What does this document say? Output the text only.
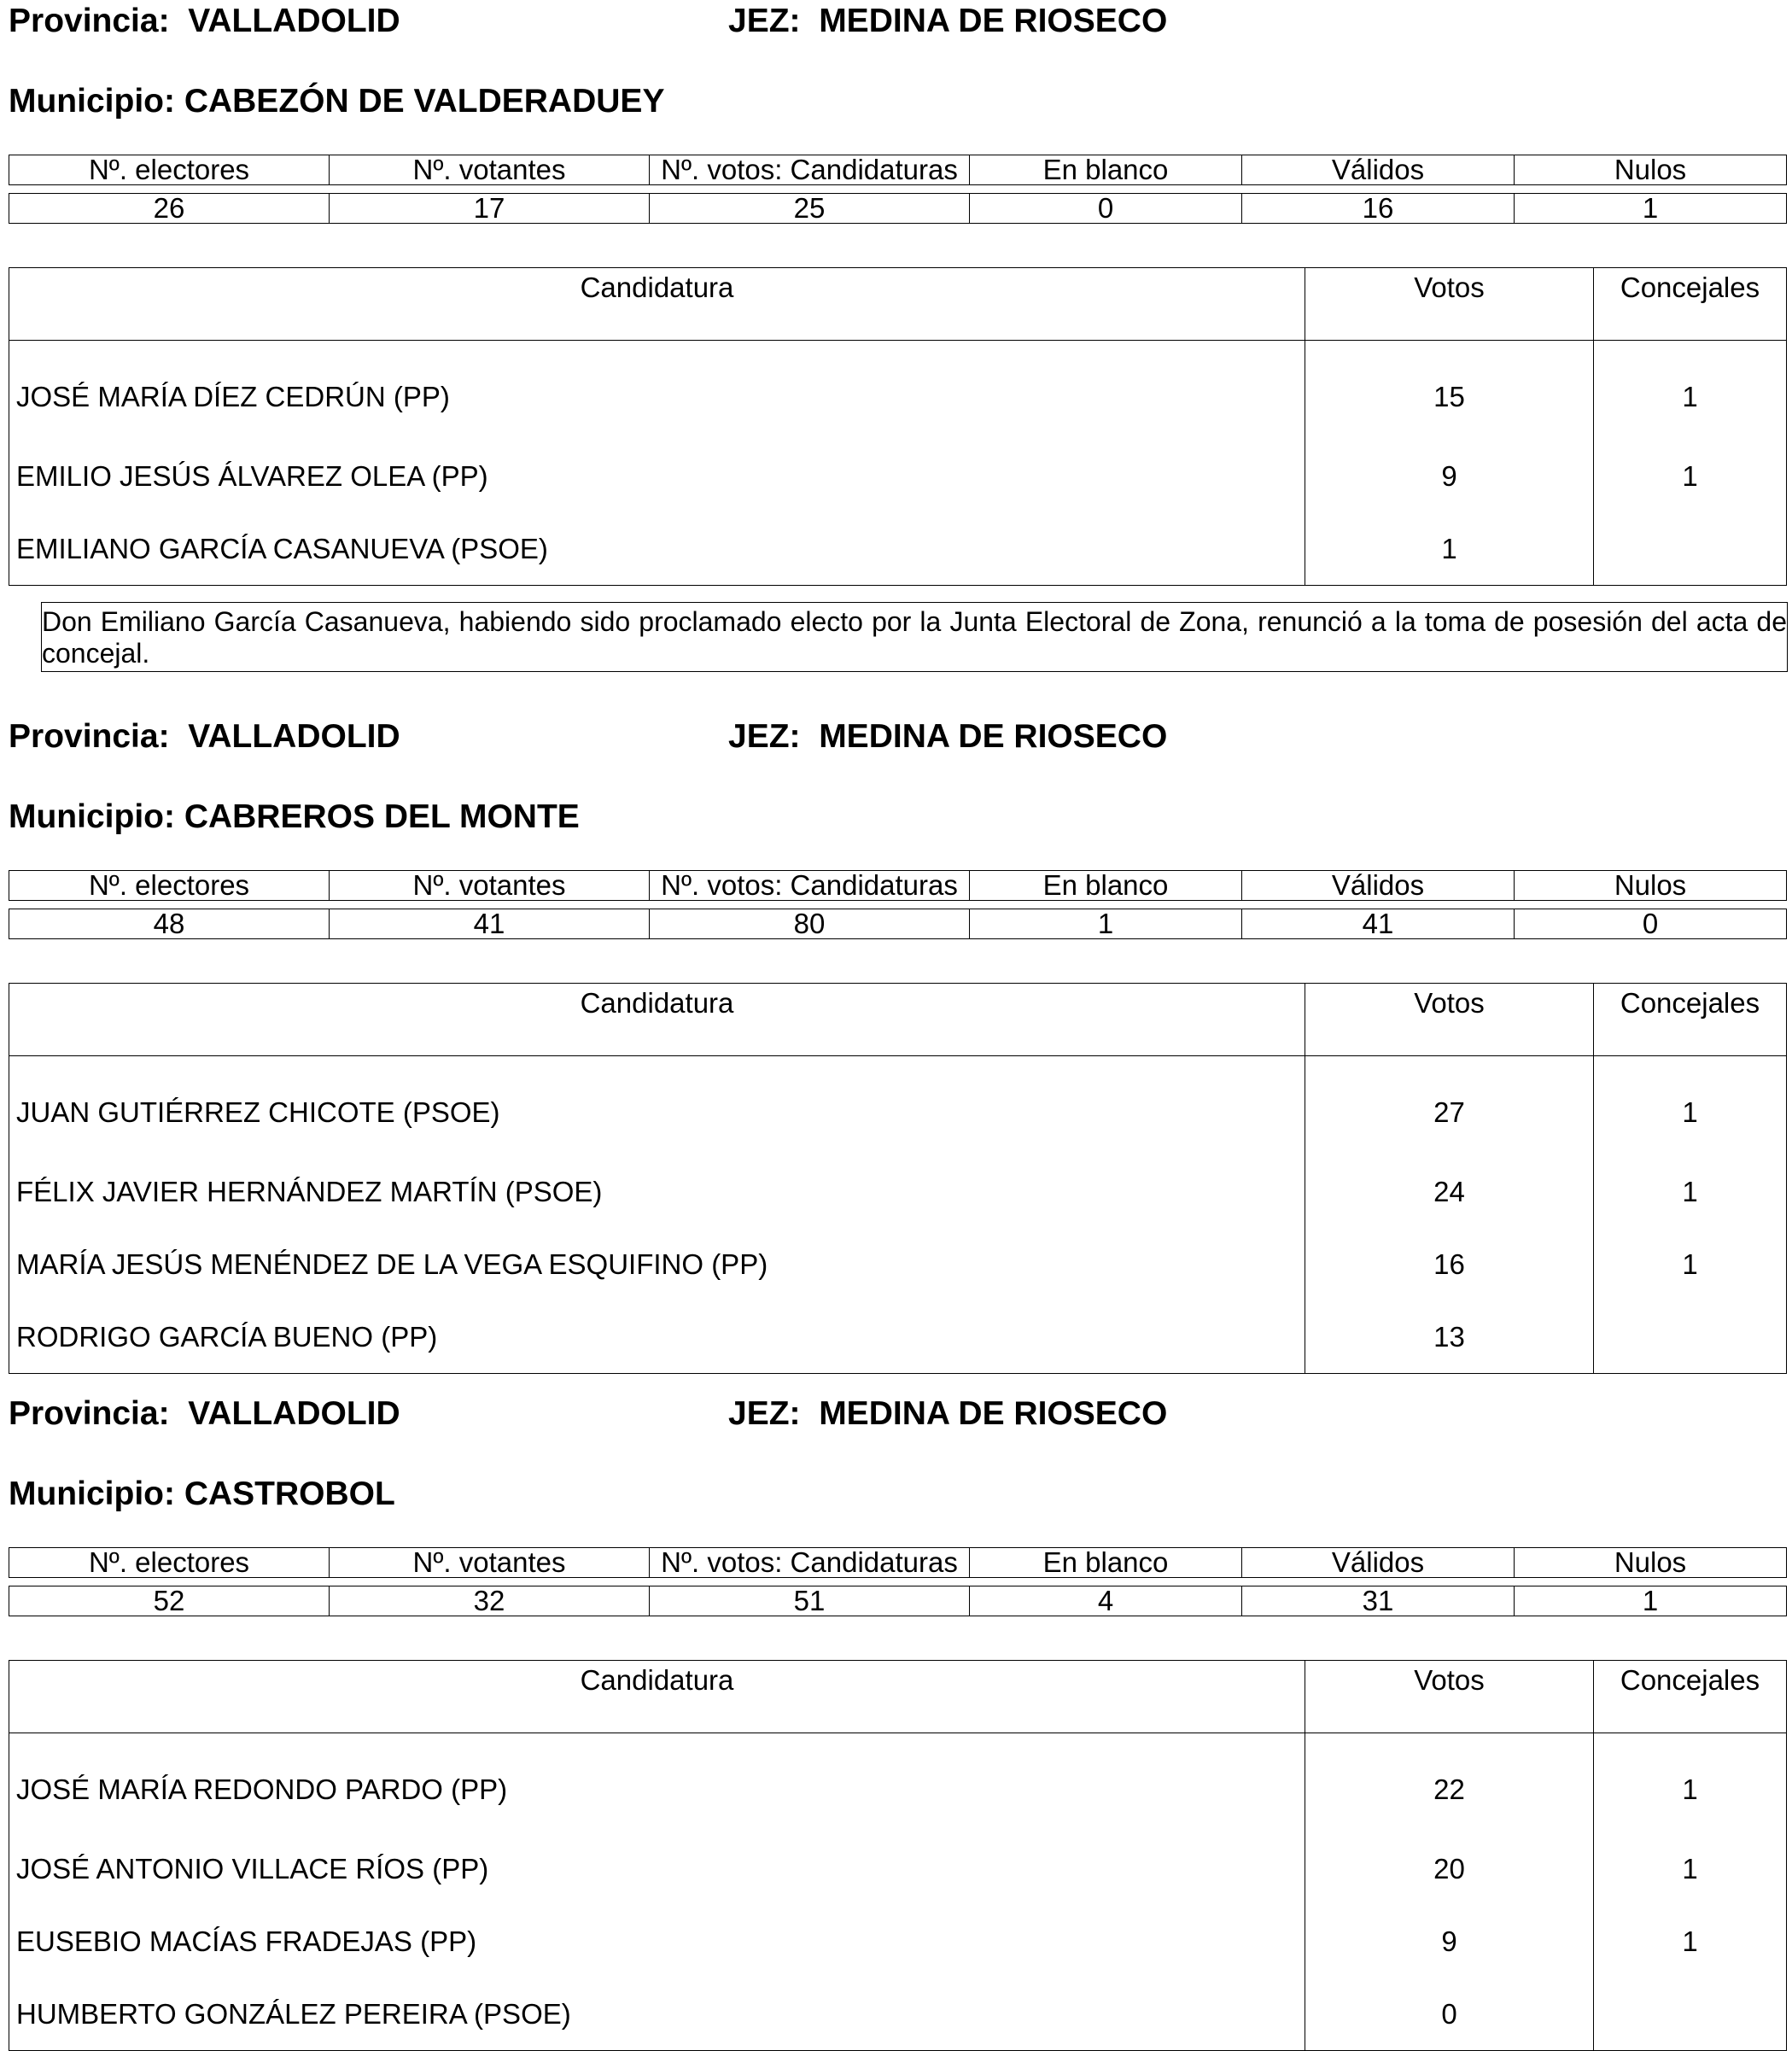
Provincia: VALLADOLID	JEZ: MEDINA DE RIOSECO
Municipio: CABEZÓN DE VALDERADUEY
Nº. electores	Nº. votantes	Nº. votos: Candidaturas	En blanco	Válidos	Nulos
26	17	25	0	16	1
Candidatura	Votos	Concejales
JOSÉ MARÍA DÍEZ CEDRÚN (PP)	15	1
EMILIO JESÚS ÁLVAREZ OLEA (PP)	9	1
EMILIANO GARCÍA CASANUEVA (PSOE)	1	
Don Emiliano García Casanueva, habiendo sido proclamado electo por la Junta Electoral de Zona, renunció a la toma de posesión del acta de concejal.
Provincia: VALLADOLID	JEZ: MEDINA DE RIOSECO
Municipio: CABREROS DEL MONTE
Nº. electores	Nº. votantes	Nº. votos: Candidaturas	En blanco	Válidos	Nulos
48	41	80	1	41	0
Candidatura	Votos	Concejales
JUAN GUTIÉRREZ CHICOTE (PSOE)	27	1
FÉLIX JAVIER HERNÁNDEZ MARTÍN (PSOE)	24	1
MARÍA JESÚS MENÉNDEZ DE LA VEGA ESQUIFINO (PP)	16	1
RODRIGO GARCÍA BUENO (PP)	13	
Provincia: VALLADOLID	JEZ: MEDINA DE RIOSECO
Municipio: CASTROBOL
Nº. electores	Nº. votantes	Nº. votos: Candidaturas	En blanco	Válidos	Nulos
52	32	51	4	31	1
Candidatura	Votos	Concejales
JOSÉ MARÍA REDONDO PARDO (PP)	22	1
JOSÉ ANTONIO VILLACE RÍOS (PP)	20	1
EUSEBIO MACÍAS FRADEJAS (PP)	9	1
HUMBERTO GONZÁLEZ PEREIRA (PSOE)	0	
